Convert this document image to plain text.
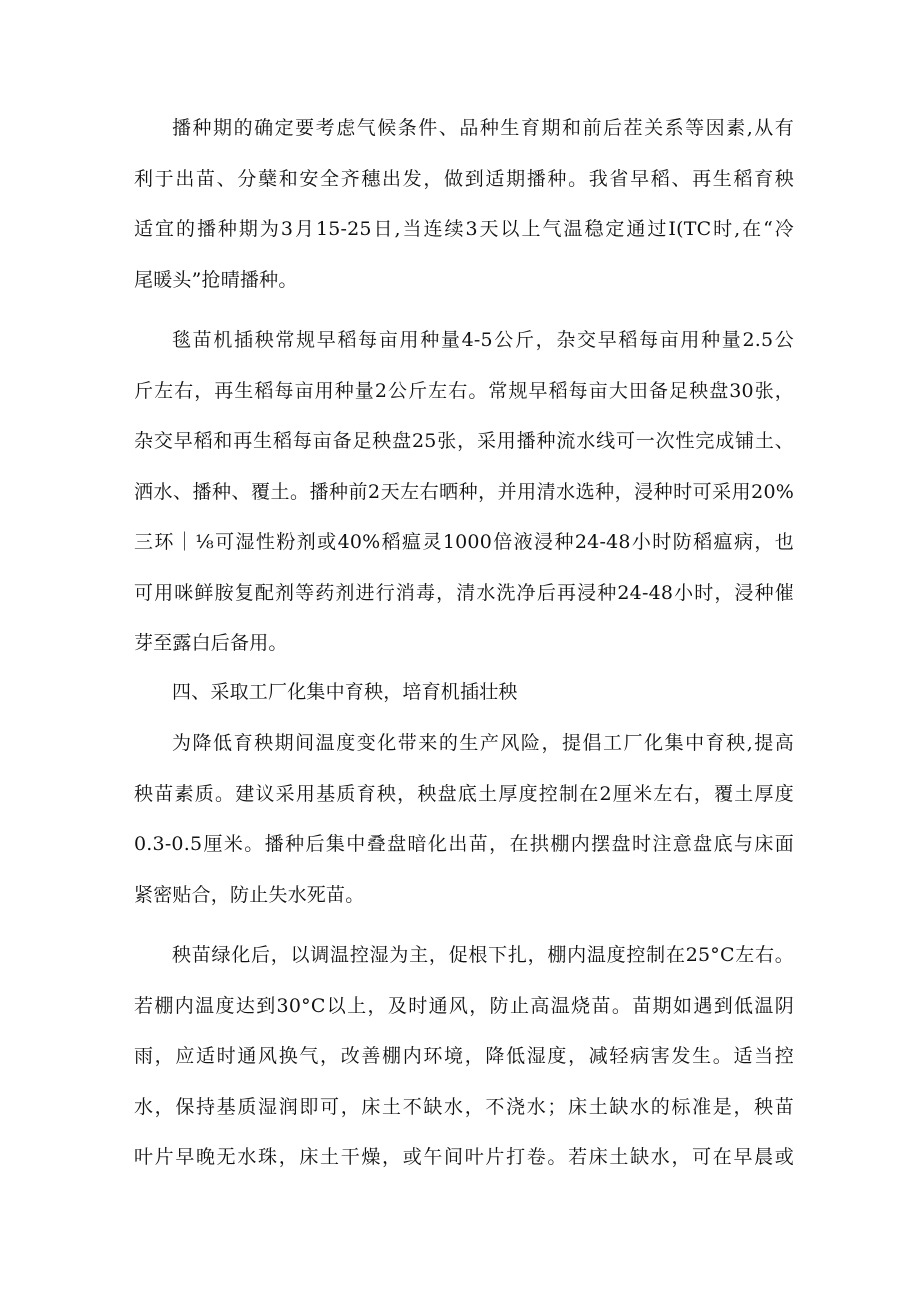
播种期的确定要考虑气候条件、品种生育期和前后茬关系等因素,从有
利于出苗、分蘖和安全齐穗出发，做到适期播种。我省早稻、再生稻育秧
适宜的播种期为3月15-25日,当连续3天以上气温稳定通过I(TC时,在“冷
尾暖头”抢晴播种。
毯苗机插秧常规早稻每亩用种量4-5公斤，杂交早稻每亩用种量2.5公
斤左右，再生稻每亩用种量2公斤左右。常规早稻每亩大田备足秧盘30张，
杂交早稻和再生稻每亩备足秧盘25张，采用播种流水线可一次性完成铺土、
洒水、播种、覆土。播种前2天左右晒种，并用清水选种，浸种时可采用20%
三环｜⅛可湿性粉剂或40%稻瘟灵1000倍液浸种24-48小时防稻瘟病，也
可用咪鲜胺复配剂等药剂进行消毒，清水洗净后再浸种24-48小时，浸种催
芽至露白后备用。
四、采取工厂化集中育秧，培育机插壮秧
为降低育秧期间温度变化带来的生产风险，提倡工厂化集中育秧,提高
秧苗素质。建议采用基质育秧，秧盘底土厚度控制在2厘米左右，覆土厚度
0.3-0.5厘米。播种后集中叠盘暗化出苗，在拱棚内摆盘时注意盘底与床面
紧密贴合，防止失水死苗。
秧苗绿化后，以调温控湿为主，促根下扎，棚内温度控制在25°C左右。
若棚内温度达到30°C以上，及时通风，防止高温烧苗。苗期如遇到低温阴
雨，应适时通风换气，改善棚内环境，降低湿度，减轻病害发生。适当控
水，保持基质湿润即可，床土不缺水，不浇水；床土缺水的标准是，秧苗
叶片早晚无水珠，床土干燥，或午间叶片打卷。若床土缺水，可在早晨或
